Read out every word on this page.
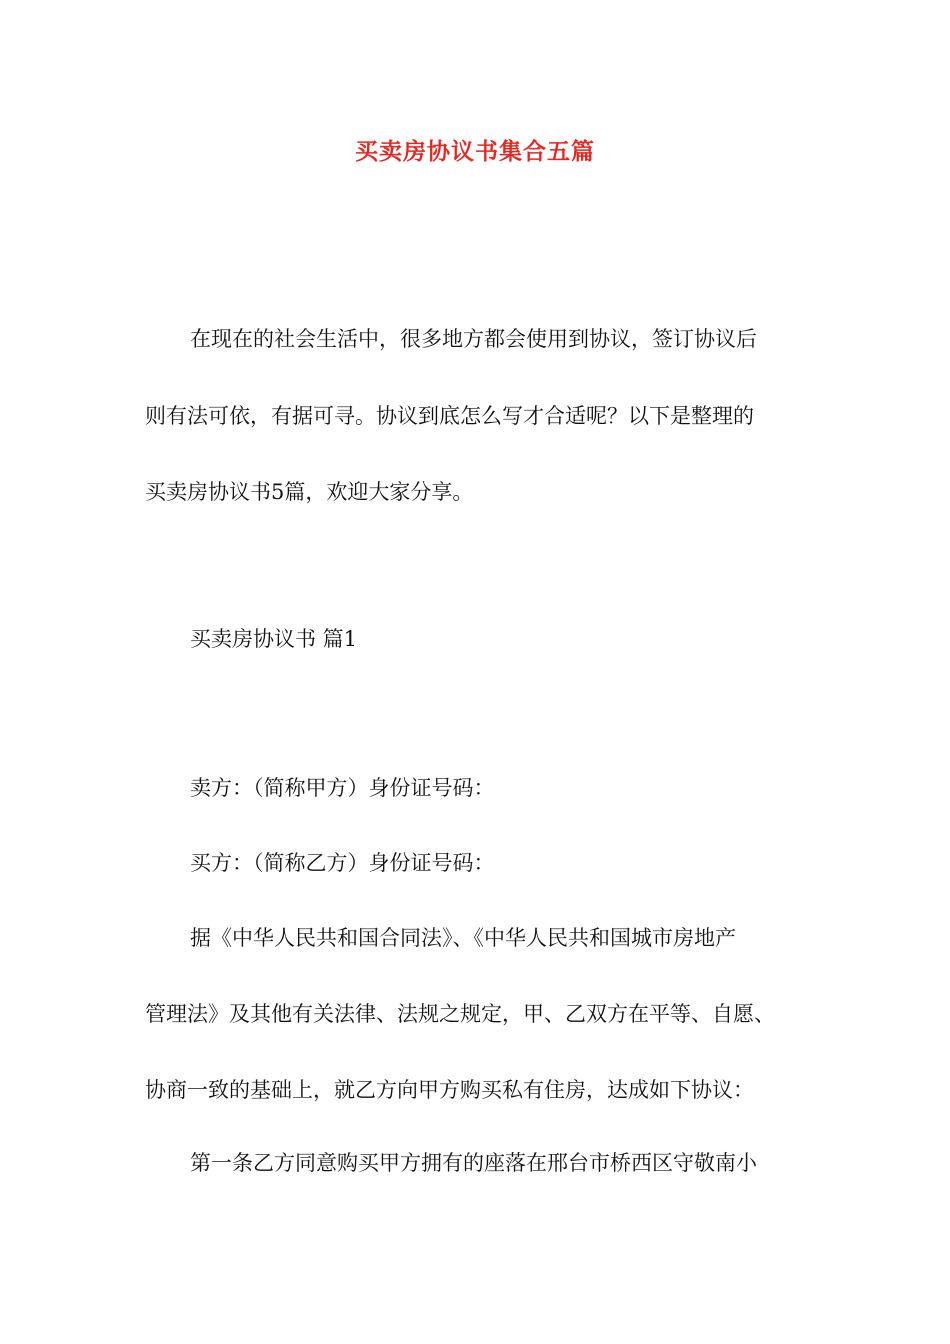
买卖房协议书集合五篇

在现在的社会生活中，很多地方都会使用到协议，签订协议后

则有法可依，有据可寻。协议到底怎么写才合适呢？以下是整理的

买卖房协议书5篇，欢迎大家分享。

买卖房协议书 篇1

卖方：（简称甲方）身份证号码：

买方：（简称乙方）身份证号码：

据《中华人民共和国合同法》、《中华人民共和国城市房地产

管理法》及其他有关法律、法规之规定，甲、乙双方在平等、自愿、

协商一致的基础上，就乙方向甲方购买私有住房，达成如下协议：

第一条乙方同意购买甲方拥有的座落在邢台市桥西区守敬南小
